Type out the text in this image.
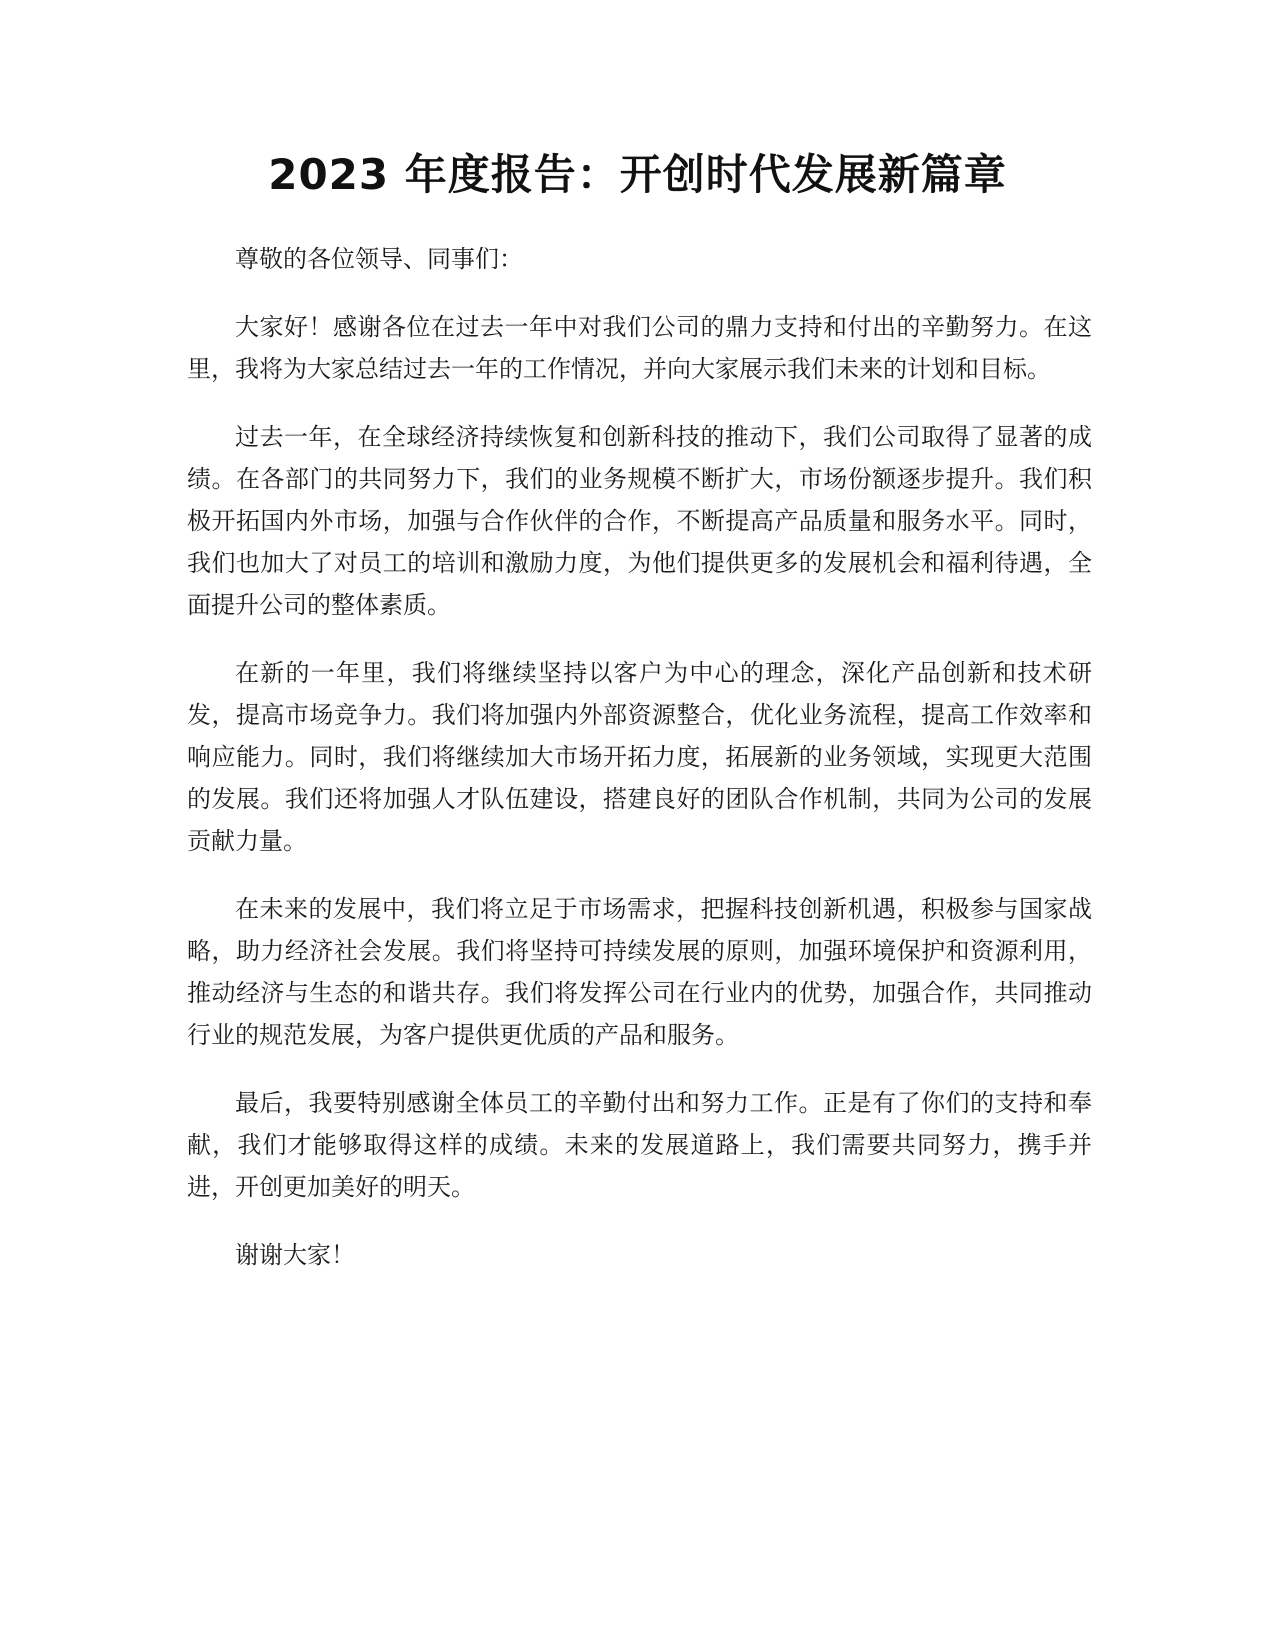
2023 年度报告：开创时代发展新篇章

尊敬的各位领导、同事们：

大家好！感谢各位在过去一年中对我们公司的鼎力支持和付出的辛勤努力。在这里，我将为大家总结过去一年的工作情况，并向大家展示我们未来的计划和目标。

过去一年，在全球经济持续恢复和创新科技的推动下，我们公司取得了显著的成绩。在各部门的共同努力下，我们的业务规模不断扩大，市场份额逐步提升。我们积极开拓国内外市场，加强与合作伙伴的合作，不断提高产品质量和服务水平。同时，我们也加大了对员工的培训和激励力度，为他们提供更多的发展机会和福利待遇，全面提升公司的整体素质。

在新的一年里，我们将继续坚持以客户为中心的理念，深化产品创新和技术研发，提高市场竞争力。我们将加强内外部资源整合，优化业务流程，提高工作效率和响应能力。同时，我们将继续加大市场开拓力度，拓展新的业务领域，实现更大范围的发展。我们还将加强人才队伍建设，搭建良好的团队合作机制，共同为公司的发展贡献力量。

在未来的发展中，我们将立足于市场需求，把握科技创新机遇，积极参与国家战略，助力经济社会发展。我们将坚持可持续发展的原则，加强环境保护和资源利用，推动经济与生态的和谐共存。我们将发挥公司在行业内的优势，加强合作，共同推动行业的规范发展，为客户提供更优质的产品和服务。

最后，我要特别感谢全体员工的辛勤付出和努力工作。正是有了你们的支持和奉献，我们才能够取得这样的成绩。未来的发展道路上，我们需要共同努力，携手并进，开创更加美好的明天。

谢谢大家！
